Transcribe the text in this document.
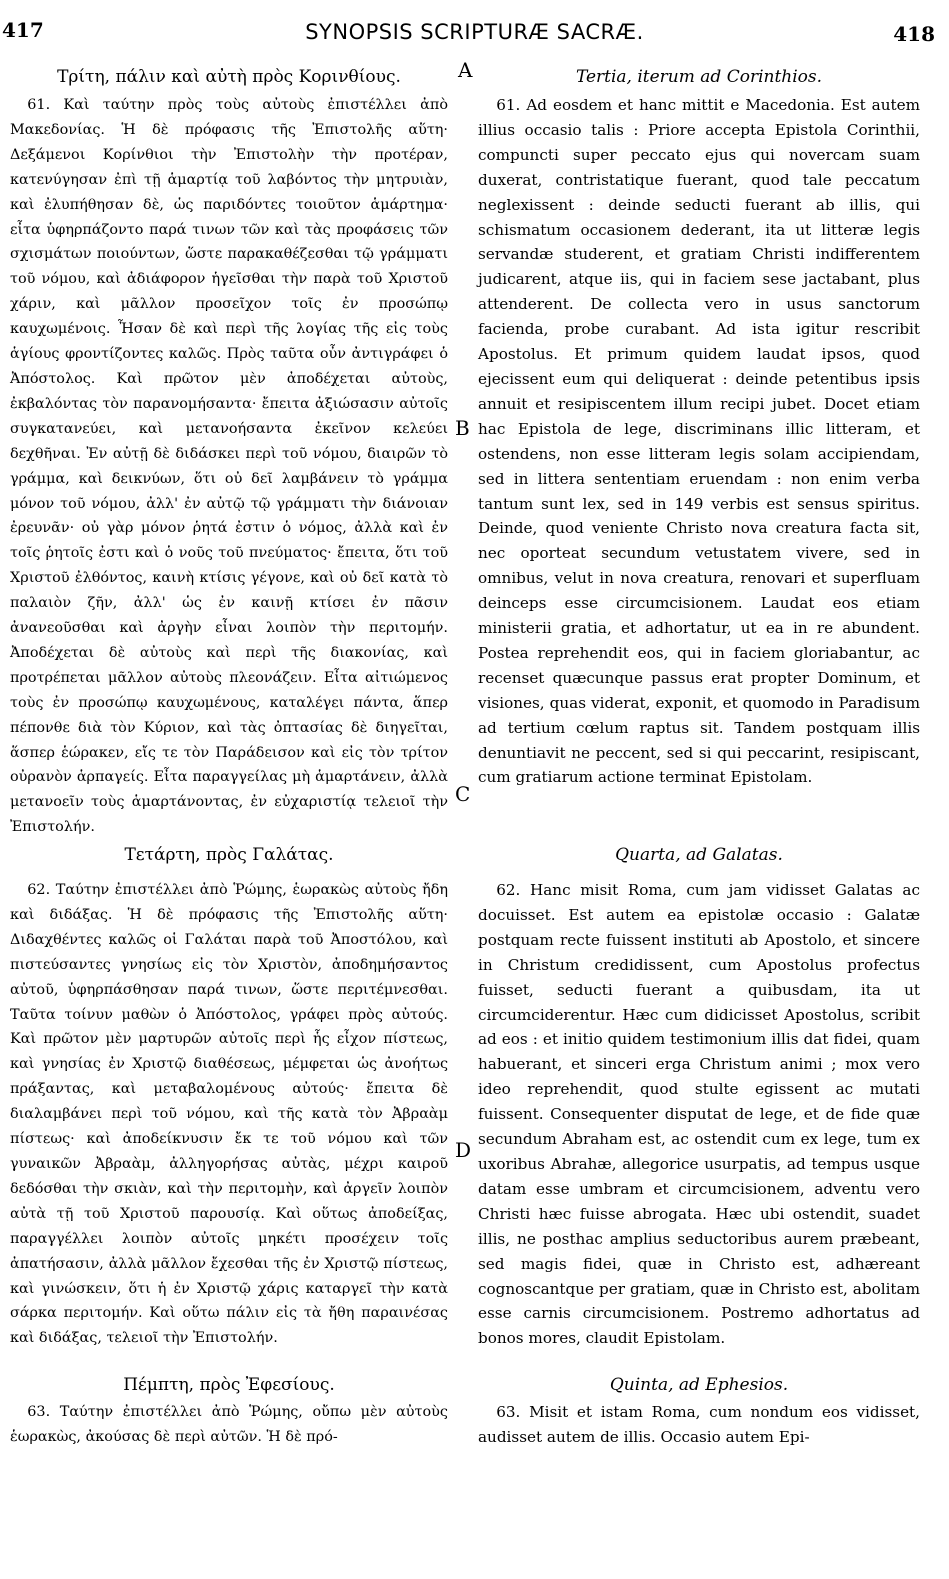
417	SYNOPSIS SCRIPTURÆ SACRÆ.	418
Τρίτη, πάλιν καὶ αὐτὴ πρὸς Κορινθίους.
61. Καὶ ταύτην πρὸς τοὺς αὐτοὺς ἐπιστέλλει ἀπὸ Μακεδονίας. Ἡ δὲ πρόφασις τῆς Ἐπιστολῆς αὕτη· Δεξάμενοι Κορίνθιοι τὴν Ἐπιστολὴν τὴν προτέραν, κατενύγησαν ἐπὶ τῇ ἁμαρτίᾳ τοῦ λαβόντος τὴν μητρυιὰν, καὶ ἐλυπήθησαν δὲ, ὡς παριδόντες τοιοῦτον ἁμάρτημα· εἶτα ὑφηρπάζοντο παρά τινων τῶν καὶ τὰς προφάσεις τῶν σχισμάτων ποιούντων, ὥστε παρακαθέζεσθαι τῷ γράμματι τοῦ νόμου, καὶ ἀδιάφορον ἡγεῖσθαι τὴν παρὰ τοῦ Χριστοῦ χάριν, καὶ μᾶλλον προσεῖχον τοῖς ἐν προσώπῳ καυχωμένοις. Ἦσαν δὲ καὶ περὶ τῆς λογίας τῆς εἰς τοὺς ἁγίους φροντίζοντες καλῶς. Πρὸς ταῦτα οὖν ἀντιγράφει ὁ Ἀπόστολος. Καὶ πρῶτον μὲν ἀποδέχεται αὐτοὺς, ἐκβαλόντας τὸν παρανομήσαντα· ἔπειτα ἀξιώσασιν αὐτοῖς συγκατανεύει, καὶ μετανοήσαντα ἐκεῖνον κελεύει δεχθῆναι. Ἐν αὐτῇ δὲ διδάσκει περὶ τοῦ νόμου, διαιρῶν τὸ γράμμα, καὶ δεικνύων, ὅτι οὐ δεῖ λαμβάνειν τὸ γράμμα μόνον τοῦ νόμου, ἀλλ' ἐν αὐτῷ τῷ γράμματι τὴν διάνοιαν ἐρευνᾶν· οὐ γὰρ μόνον ῥητά ἐστιν ὁ νόμος, ἀλλὰ καὶ ἐν τοῖς ῥητοῖς ἐστι καὶ ὁ νοῦς τοῦ πνεύματος· ἔπειτα, ὅτι τοῦ Χριστοῦ ἐλθόντος, καινὴ κτίσις γέγονε, καὶ οὐ δεῖ κατὰ τὸ παλαιὸν ζῆν, ἀλλ' ὡς ἐν καινῇ κτίσει ἐν πᾶσιν ἀνανεοῦσθαι καὶ ἀργὴν εἶναι λοιπὸν τὴν περιτομήν. Ἀποδέχεται δὲ αὐτοὺς καὶ περὶ τῆς διακονίας, καὶ προτρέπεται μᾶλλον αὐτοὺς πλεονάζειν. Εἶτα αἰτιώμενος τοὺς ἐν προσώπῳ καυχωμένους, καταλέγει πάντα, ἅπερ πέπονθε διὰ τὸν Κύριον, καὶ τὰς ὀπτασίας δὲ διηγεῖται, ἅσπερ ἑώρακεν, εἴς τε τὸν Παράδεισον καὶ εἰς τὸν τρίτον οὐρανὸν ἁρπαγείς. Εἶτα παραγγείλας μὴ ἁμαρτάνειν, ἀλλὰ μετανοεῖν τοὺς ἁμαρτάνοντας, ἐν εὐχαριστίᾳ τελειοῖ τὴν Ἐπιστολήν.
Τετάρτη, πρὸς Γαλάτας.
62. Ταύτην ἐπιστέλλει ἀπὸ Ῥώμης, ἑωρακὼς αὐτοὺς ἤδη καὶ διδάξας. Ἡ δὲ πρόφασις τῆς Ἐπιστολῆς αὕτη· Διδαχθέντες καλῶς οἱ Γαλάται παρὰ τοῦ Ἀποστόλου, καὶ πιστεύσαντες γνησίως εἰς τὸν Χριστὸν, ἀποδημήσαντος αὐτοῦ, ὑφηρπάσθησαν παρά τινων, ὥστε περιτέμνεσθαι. Ταῦτα τοίνυν μαθὼν ὁ Ἀπόστολος, γράφει πρὸς αὐτούς. Καὶ πρῶτον μὲν μαρτυρῶν αὐτοῖς περὶ ἧς εἶχον πίστεως, καὶ γνησίας ἐν Χριστῷ διαθέσεως, μέμφεται ὡς ἀνοήτως πράξαντας, καὶ μεταβαλομένους αὐτούς· ἔπειτα δὲ διαλαμβάνει περὶ τοῦ νόμου, καὶ τῆς κατὰ τὸν Ἀβραὰμ πίστεως· καὶ ἀποδείκνυσιν ἔκ τε τοῦ νόμου καὶ τῶν γυναικῶν Ἀβραὰμ, ἀλληγορήσας αὐτὰς, μέχρι καιροῦ δεδόσθαι τὴν σκιὰν, καὶ τὴν περιτομὴν, καὶ ἀργεῖν λοιπὸν αὐτὰ τῇ τοῦ Χριστοῦ παρουσίᾳ. Καὶ οὕτως ἀποδείξας, παραγγέλλει λοιπὸν αὐτοῖς μηκέτι προσέχειν τοῖς ἀπατήσασιν, ἀλλὰ μᾶλλον ἔχεσθαι τῆς ἐν Χριστῷ πίστεως, καὶ γινώσκειν, ὅτι ἡ ἐν Χριστῷ χάρις καταργεῖ τὴν κατὰ σάρκα περιτομήν. Καὶ οὕτω πάλιν εἰς τὰ ἤθη παραινέσας καὶ διδάξας, τελειοῖ τὴν Ἐπιστολήν.
Πέμπτη, πρὸς Ἐφεσίους.
63. Ταύτην ἐπιστέλλει ἀπὸ Ῥώμης, οὔπω μὲν αὐτοὺς ἑωρακὼς, ἀκούσας δὲ περὶ αὐτῶν. Ἡ δὲ πρό-
Tertia, iterum ad Corinthios.
61. Ad eosdem et hanc mittit e Macedonia. Est autem illius occasio talis : Priore accepta Epistola Corinthii, compuncti super peccato ejus qui novercam suam duxerat, contristatique fuerant, quod tale peccatum neglexissent : deinde seducti fuerant ab illis, qui schismatum occasionem dederant, ita ut litteræ legis servandæ studerent, et gratiam Christi indifferentem judicarent, atque iis, qui in faciem sese jactabant, plus attenderent. De collecta vero in usus sanctorum facienda, probe curabant. Ad ista igitur rescribit Apostolus. Et primum quidem laudat ipsos, quod ejecissent eum qui deliquerat : deinde petentibus ipsis annuit et resipiscentem illum recipi jubet. Docet etiam hac Epistola de lege, discriminans illic litteram, et ostendens, non esse litteram legis solam accipiendam, sed in littera sententiam eruendam : non enim verba tantum sunt lex, sed in 149 verbis est sensus spiritus. Deinde, quod veniente Christo nova creatura facta sit, nec oporteat secundum vetustatem vivere, sed in omnibus, velut in nova creatura, renovari et superfluam deinceps esse circumcisionem. Laudat eos etiam ministerii gratia, et adhortatur, ut ea in re abundent. Postea reprehendit eos, qui in faciem gloriabantur, ac recenset quæcunque passus erat propter Dominum, et visiones, quas viderat, exponit, et quomodo in Paradisum ad tertium cœlum raptus sit. Tandem postquam illis denuntiavit ne peccent, sed si qui peccarint, resipiscant, cum gratiarum actione terminat Epistolam.
Quarta, ad Galatas.
62. Hanc misit Roma, cum jam vidisset Galatas ac docuisset. Est autem ea epistolæ occasio : Galatæ postquam recte fuissent instituti ab Apostolo, et sincere in Christum credidissent, cum Apostolus profectus fuisset, seducti fuerant a quibusdam, ita ut circumciderentur. Hæc cum didicisset Apostolus, scribit ad eos : et initio quidem testimonium illis dat fidei, quam habuerant, et sinceri erga Christum animi ; mox vero ideo reprehendit, quod stulte egissent ac mutati fuissent. Consequenter disputat de lege, et de fide quæ secundum Abraham est, ac ostendit cum ex lege, tum ex uxoribus Abrahæ, allegorice usurpatis, ad tempus usque datam esse umbram et circumcisionem, adventu vero Christi hæc fuisse abrogata. Hæc ubi ostendit, suadet illis, ne posthac amplius seductoribus aurem præbeant, sed magis fidei, quæ in Christo est, adhæreant cognoscantque per gratiam, quæ in Christo est, abolitam esse carnis circumcisionem. Postremo adhortatus ad bonos mores, claudit Epistolam.
Quinta, ad Ephesios.
63. Misit et istam Roma, cum nondum eos vidisset, audisset autem de illis. Occasio autem Epi-
A
B
C
D
